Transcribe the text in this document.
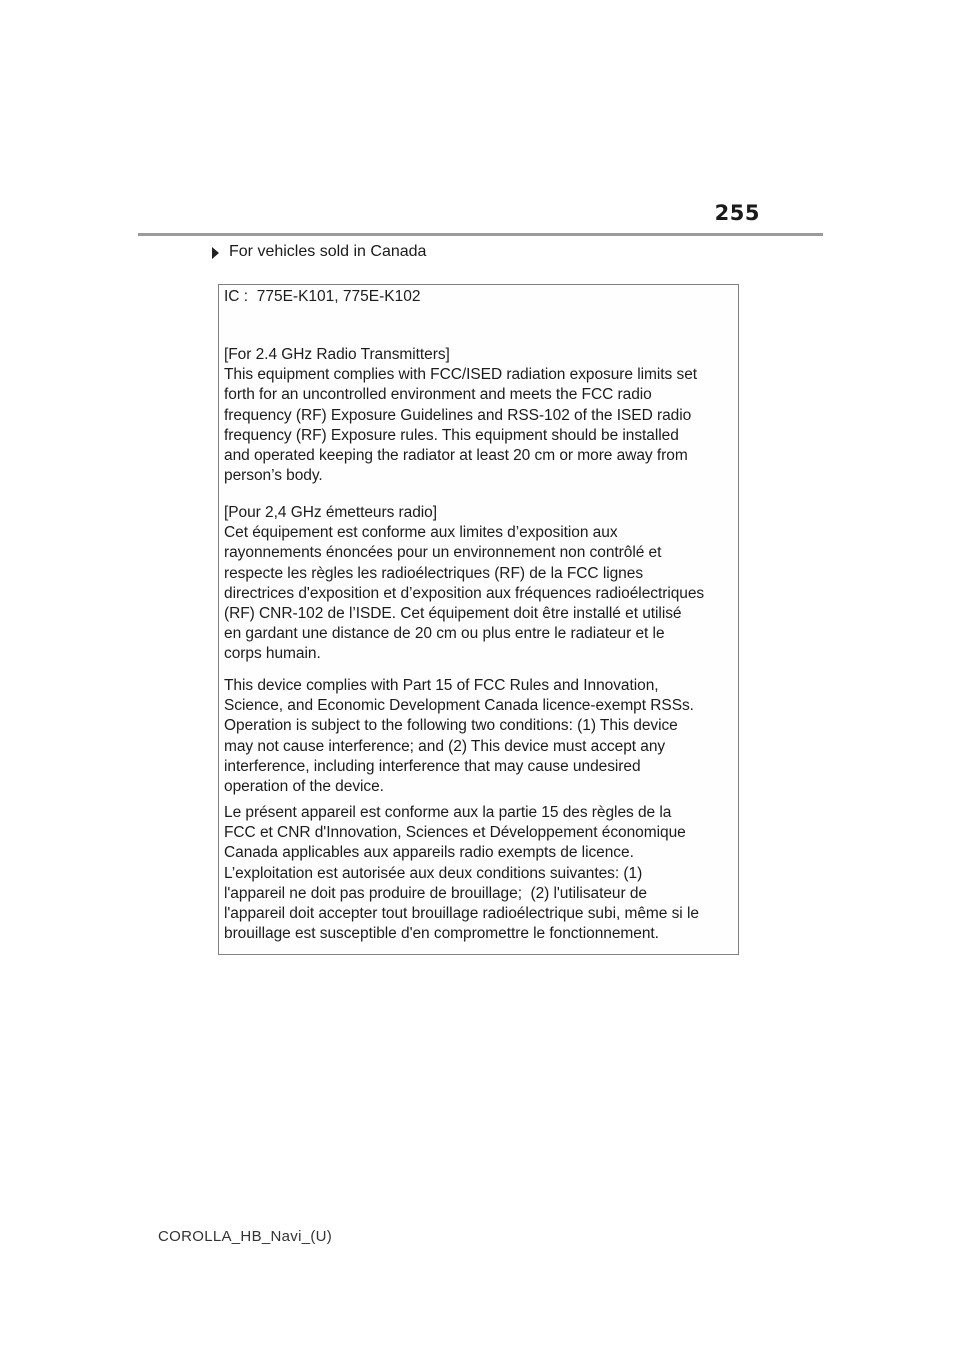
255
For vehicles sold in Canada
IC :  775E-K101, 775E-K102
[For 2.4 GHz Radio Transmitters]
This equipment complies with FCC/ISED radiation exposure limits set
forth for an uncontrolled environment and meets the FCC radio
frequency (RF) Exposure Guidelines and RSS-102 of the ISED radio
frequency (RF) Exposure rules. This equipment should be installed
and operated keeping the radiator at least 20 cm or more away from
person’s body.
[Pour 2,4 GHz émetteurs radio]
Cet équipement est conforme aux limites d’exposition aux
rayonnements énoncées pour un environnement non contrôlé et
respecte les règles les radioélectriques (RF) de la FCC lignes
directrices d'exposition et d’exposition aux fréquences radioélectriques
(RF) CNR-102 de l’ISDE. Cet équipement doit être installé et utilisé
en gardant une distance de 20 cm ou plus entre le radiateur et le
corps humain.
This device complies with Part 15 of FCC Rules and Innovation,
Science, and Economic Development Canada licence-exempt RSSs.
Operation is subject to the following two conditions: (1) This device
may not cause interference; and (2) This device must accept any
interference, including interference that may cause undesired
operation of the device.
Le présent appareil est conforme aux la partie 15 des règles de la
FCC et CNR d'Innovation, Sciences et Développement économique
Canada applicables aux appareils radio exempts de licence.
L’exploitation est autorisée aux deux conditions suivantes: (1)
l'appareil ne doit pas produire de brouillage;  (2) l'utilisateur de
l'appareil doit accepter tout brouillage radioélectrique subi, même si le
brouillage est susceptible d'en compromettre le fonctionnement.
COROLLA_HB_Navi_(U)
